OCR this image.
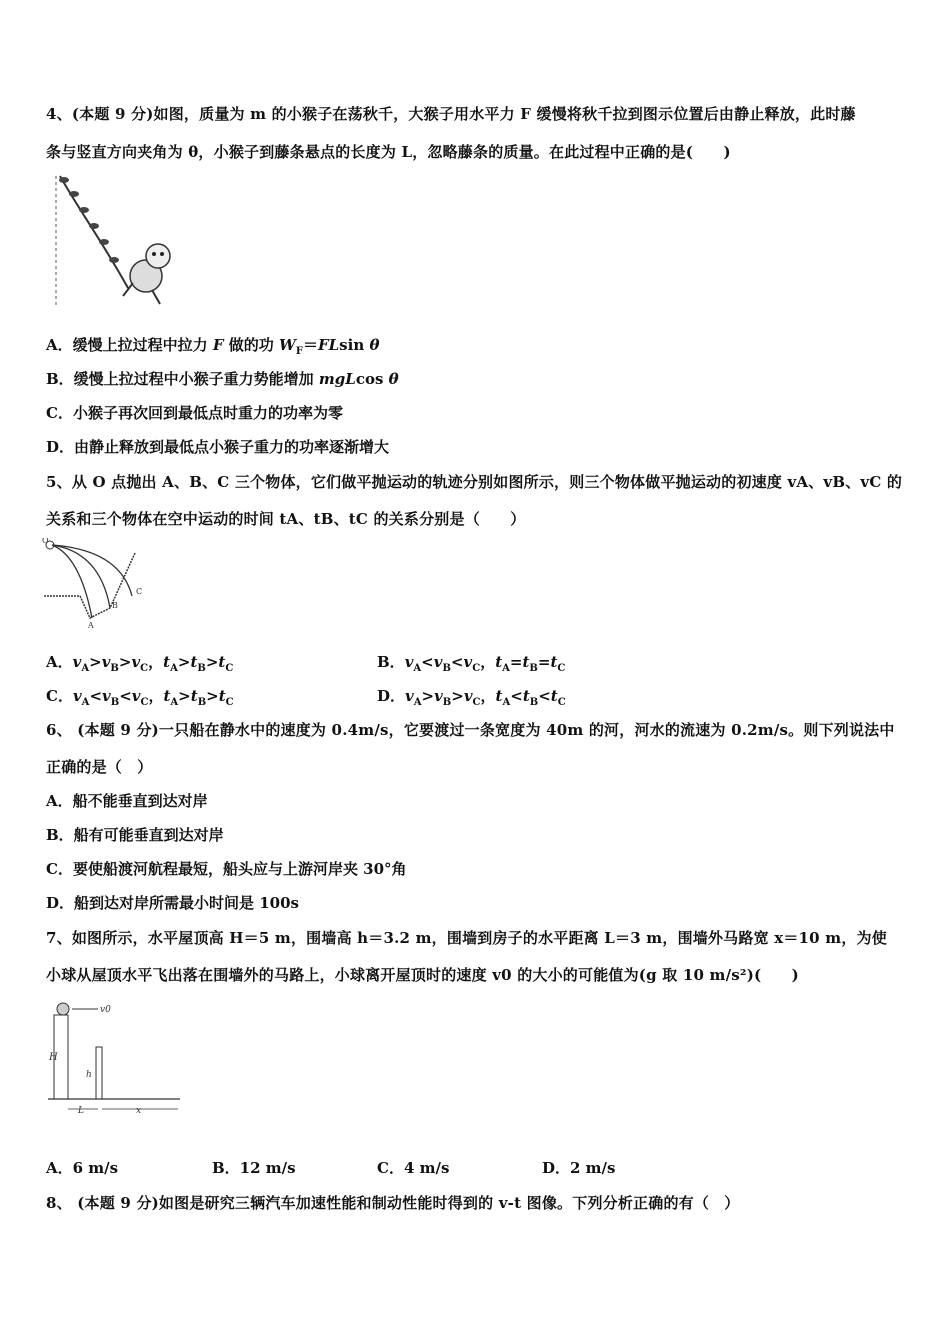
4、(本题 9 分)如图，质量为 m 的小猴子在荡秋千，大猴子用水平力 F 缓慢将秋千拉到图示位置后由静止释放，此时藤
条与竖直方向夹角为 θ，小猴子到藤条悬点的长度为 L，忽略藤条的质量。在此过程中正确的是(　　)
A．缓慢上拉过程中拉力 F 做的功 $W_F=FLsin$ θ
B．缓慢上拉过程中小猴子重力势能增加 mgLcos θ
C．小猴子再次回到最低点时重力的功率为零
D．由静止释放到最低点小猴子重力的功率逐渐增大
5、从 O 点抛出 A、B、C 三个物体，它们做平抛运动的轨迹分别如图所示，则三个物体做平抛运动的初速度 vA、vB、vC 的
关系和三个物体在空中运动的时间 tA、tB、tC 的关系分别是（　　）
O
A
B
C
A．$v_A>v_B>v_C$，$t_A>t_B>t_C$	B．$v_A<v_B<v_C$，$t_A=t_B=t_C$
C．$v_A<v_B<v_C$，$t_A>t_B>t_C$	D．$v_A>v_B>v_C$，$t_A<t_B<t_C$
6、 (本题 9 分)一只船在静水中的速度为 0.4m/s，它要渡过一条宽度为 40m 的河，河水的流速为 0.2m/s。则下列说法中
正确的是（　）
A．船不能垂直到达对岸
B．船有可能垂直到达对岸
C．要使船渡河航程最短，船头应与上游河岸夹 30°角
D．船到达对岸所需最小时间是 100s
7、如图所示，水平屋顶高 H＝5 m，围墙高 h＝3.2 m，围墙到房子的水平距离 L＝3 m，围墙外马路宽 x＝10 m，为使
小球从屋顶水平飞出落在围墙外的马路上，小球离开屋顶时的速度 v0 的大小的可能值为(g 取 10 m/s²)(　　)
v0
H
h
L	x
A．6 m/s	B．12 m/s	C．4 m/s	D．2 m/s
8、 (本题 9 分)如图是研究三辆汽车加速性能和制动性能时得到的 v-t 图像。下列分析正确的有（　）
